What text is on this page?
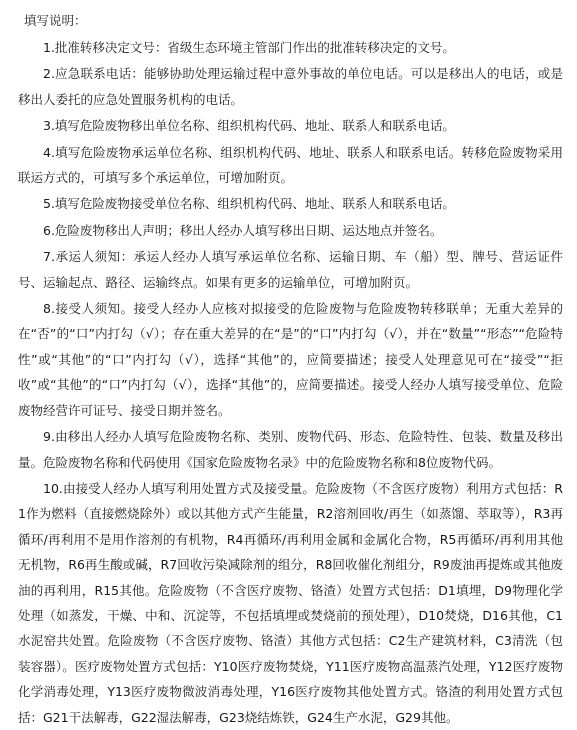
填写说明：

1.批准转移决定文号：省级生态环境主管部门作出的批准转移决定的文号。

2.应急联系电话：能够协助处理运输过程中意外事故的单位电话。可以是移出人的电话，或是移出人委托的应急处置服务机构的电话。

3.填写危险废物移出单位名称、组织机构代码、地址、联系人和联系电话。

4.填写危险废物承运单位名称、组织机构代码、地址、联系人和联系电话。转移危险废物采用联运方式的，可填写多个承运单位，可增加附页。

5.填写危险废物接受单位名称、组织机构代码、地址、联系人和联系电话。

6.危险废物移出人声明；移出人经办人填写移出日期、运达地点并签名。

7.承运人须知：承运人经办人填写承运单位名称、运输日期、车（船）型、牌号、营运证件号、运输起点、路径、运输终点。如果有更多的运输单位，可增加附页。

8.接受人须知。接受人经办人应核对拟接受的危险废物与危险废物转移联单；无重大差异的在“否”的“口”内打勾（√）；存在重大差异的在“是”的“口”内打勾（√），并在“数量”“形态”“危险特性”或“其他”的“口”内打勾（√），选择“其他”的，应简要描述；接受人处理意见可在“接受”“拒收”或“其他”的“口”内打勾（√），选择“其他”的，应简要描述。接受人经办人填写接受单位、危险废物经营许可证号、接受日期并签名。

9.由移出人经办人填写危险废物名称、类别、废物代码、形态、危险特性、包装、数量及移出量。危险废物名称和代码使用《国家危险废物名录》中的危险废物名称和8位废物代码。

10.由接受人经办人填写利用处置方式及接受量。危险废物（不含医疗废物）利用方式包括：R1作为燃料（直接燃烧除外）或以其他方式产生能量，R2溶剂回收/再生（如蒸馏、萃取等），R3再循环/再利用不是用作溶剂的有机物，R4再循环/再利用金属和金属化合物，R5再循环/再利用其他无机物，R6再生酸或碱，R7回收污染减除剂的组分，R8回收催化剂组分，R9废油再提炼或其他废油的再利用，R15其他。危险废物（不含医疗废物、铬渣）处置方式包括：D1填埋，D9物理化学处理（如蒸发，干燥、中和、沉淀等，不包括填埋或焚烧前的预处理），D10焚烧，D16其他，C1水泥窑共处置。危险废物（不含医疗废物、铬渣）其他方式包括：C2生产建筑材料，C3清洗（包装容器）。医疗废物处置方式包括：Y10医疗废物焚烧，Y11医疗废物高温蒸汽处理，Y12医疗废物化学消毒处理，Y13医疗废物微波消毒处理，Y16医疗废物其他处置方式。铬渣的利用处置方式包括：G21干法解毒，G22湿法解毒，G23烧结炼铁，G24生产水泥，G29其他。
